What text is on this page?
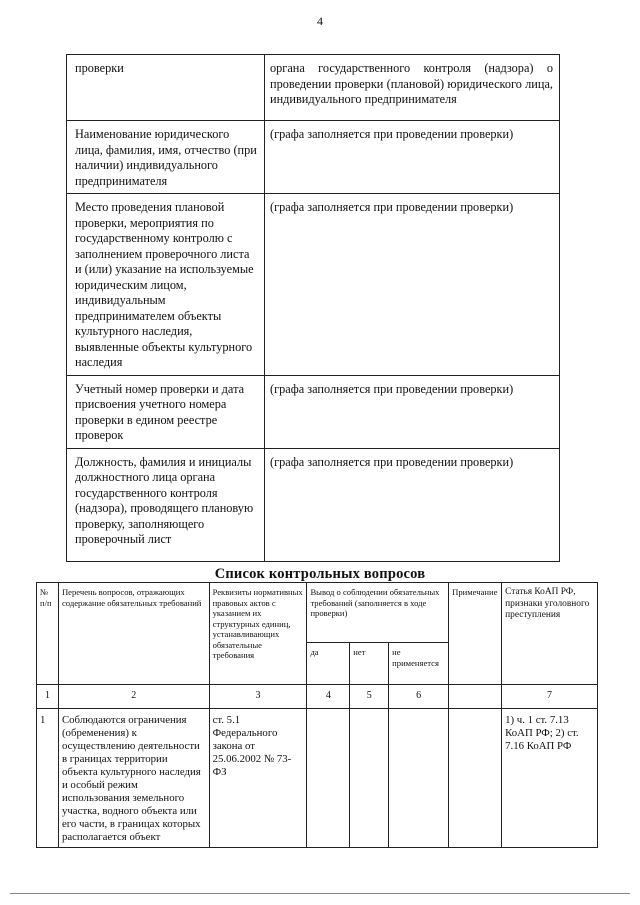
4
проверки	органа государственного контроля (надзора) о проведении проверки (плановой) юридического лица, индивидуального предпринимателя
Наименование юридического лица, фамилия, имя, отчество (при наличии) индивидуального предпринимателя	(графа заполняется при проведении проверки)
Место проведения плановой проверки, мероприятия по государственному контролю с заполнением проверочного листа и (или) указание на используемые юридическим лицом, индивидуальным предпринимателем объекты культурного наследия, выявленные объекты культурного наследия	(графа заполняется при проведении проверки)
Учетный номер проверки и дата присвоения учетного номера проверки в едином реестре проверок	(графа заполняется при проведении проверки)
Должность, фамилия и инициалы должностного лица органа государственного контроля (надзора), проводящего плановую проверку, заполняющего проверочный лист	(графа заполняется при проведении проверки)
Список контрольных вопросов
№ п/п	Перечень вопросов, отражающих содержание обязательных требований	Реквизиты нормативных правовых актов с указанием их структурных единиц, устанавливающих обязательные требования	Вывод о соблюдении обязательных требований (заполняется в ходе проверки)			Примечание	Статья КоАП РФ, признаки уголовного преступления
			да	нет	не применяется		
1	2	3	4	5	6		7
1	Соблюдаются ограничения (обременения) к осуществлению деятельности в границах территории объекта культурного наследия и особый режим использования земельного участка, водного объекта или его части, в границах которых располагается объект	ст. 5.1 Федерального закона от 25.06.2002 № 73-ФЗ					1) ч. 1 ст. 7.13 КоАП РФ; 2) ст. 7.16 КоАП РФ
